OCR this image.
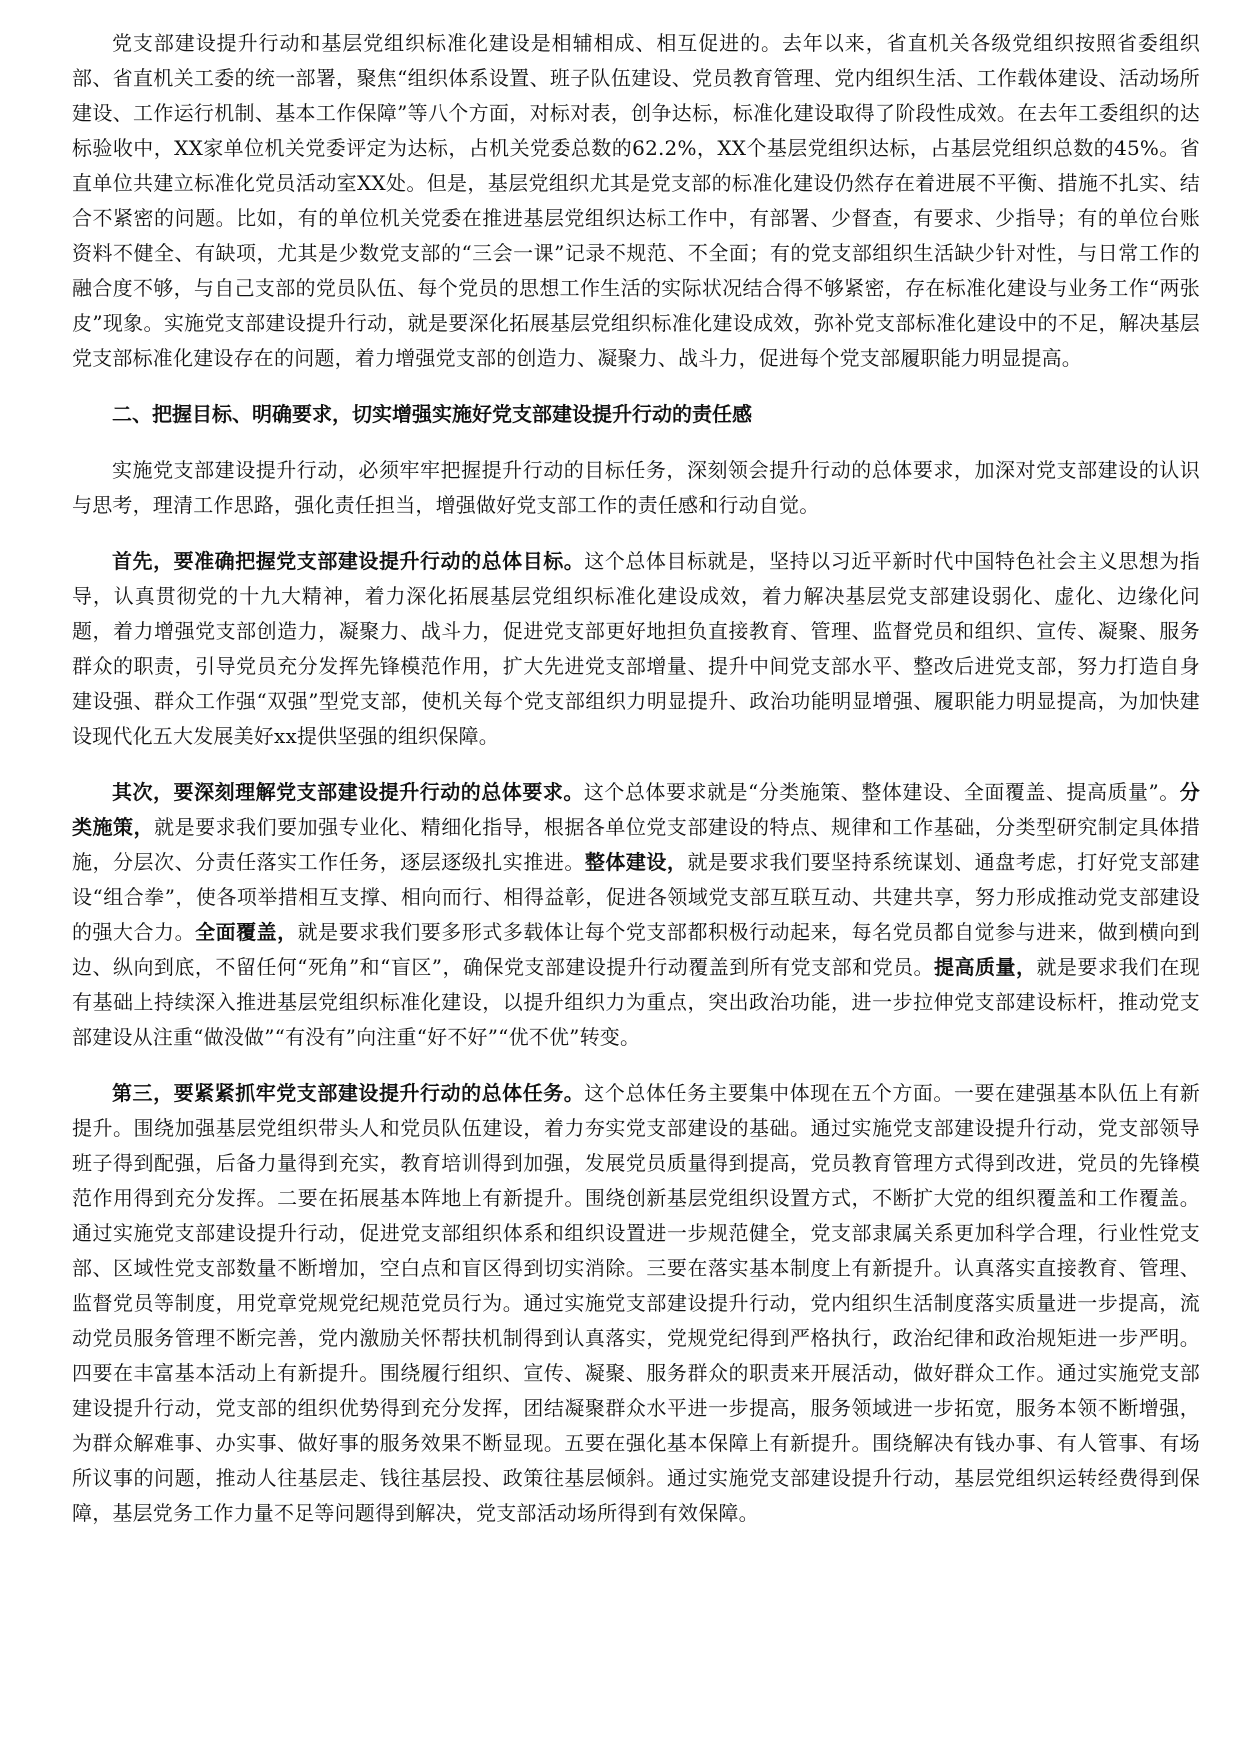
党支部建设提升行动和基层党组织标准化建设是相辅相成、相互促进的。去年以来，省直机关各级党组织按照省委组织部、省直机关工委的统一部署，聚焦“组织体系设置、班子队伍建设、党员教育管理、党内组织生活、工作载体建设、活动场所建设、工作运行机制、基本工作保障”等八个方面，对标对表，创争达标，标准化建设取得了阶段性成效。在去年工委组织的达标验收中，XX家单位机关党委评定为达标，占机关党委总数的62.2%，XX个基层党组织达标，占基层党组织总数的45%。省直单位共建立标准化党员活动室XX处。但是，基层党组织尤其是党支部的标准化建设仍然存在着进展不平衡、措施不扎实、结合不紧密的问题。比如，有的单位机关党委在推进基层党组织达标工作中，有部署、少督查，有要求、少指导；有的单位台账资料不健全、有缺项，尤其是少数党支部的“三会一课”记录不规范、不全面；有的党支部组织生活缺少针对性，与日常工作的融合度不够，与自己支部的党员队伍、每个党员的思想工作生活的实际状况结合得不够紧密，存在标准化建设与业务工作“两张皮”现象。实施党支部建设提升行动，就是要深化拓展基层党组织标准化建设成效，弥补党支部标准化建设中的不足，解决基层党支部标准化建设存在的问题，着力增强党支部的创造力、凝聚力、战斗力，促进每个党支部履职能力明显提高。

二、把握目标、明确要求，切实增强实施好党支部建设提升行动的责任感

实施党支部建设提升行动，必须牢牢把握提升行动的目标任务，深刻领会提升行动的总体要求，加深对党支部建设的认识与思考，理清工作思路，强化责任担当，增强做好党支部工作的责任感和行动自觉。

首先，要准确把握党支部建设提升行动的总体目标。这个总体目标就是，坚持以习近平新时代中国特色社会主义思想为指导，认真贯彻党的十九大精神，着力深化拓展基层党组织标准化建设成效，着力解决基层党支部建设弱化、虚化、边缘化问题，着力增强党支部创造力，凝聚力、战斗力，促进党支部更好地担负直接教育、管理、监督党员和组织、宣传、凝聚、服务群众的职责，引导党员充分发挥先锋模范作用，扩大先进党支部增量、提升中间党支部水平、整改后进党支部，努力打造自身建设强、群众工作强“双强”型党支部，使机关每个党支部组织力明显提升、政治功能明显增强、履职能力明显提高，为加快建设现代化五大发展美好xx提供坚强的组织保障。

其次，要深刻理解党支部建设提升行动的总体要求。这个总体要求就是“分类施策、整体建设、全面覆盖、提高质量”。分类施策，就是要求我们要加强专业化、精细化指导，根据各单位党支部建设的特点、规律和工作基础，分类型研究制定具体措施，分层次、分责任落实工作任务，逐层逐级扎实推进。整体建设，就是要求我们要坚持系统谋划、通盘考虑，打好党支部建设“组合拳”，使各项举措相互支撑、相向而行、相得益彰，促进各领域党支部互联互动、共建共享，努力形成推动党支部建设的强大合力。全面覆盖，就是要求我们要多形式多载体让每个党支部都积极行动起来，每名党员都自觉参与进来，做到横向到边、纵向到底，不留任何“死角”和“盲区”，确保党支部建设提升行动覆盖到所有党支部和党员。提高质量，就是要求我们在现有基础上持续深入推进基层党组织标准化建设，以提升组织力为重点，突出政治功能，进一步拉伸党支部建设标杆，推动党支部建设从注重“做没做”“有没有”向注重“好不好”“优不优”转变。

第三，要紧紧抓牢党支部建设提升行动的总体任务。这个总体任务主要集中体现在五个方面。一要在建强基本队伍上有新提升。围绕加强基层党组织带头人和党员队伍建设，着力夯实党支部建设的基础。通过实施党支部建设提升行动，党支部领导班子得到配强，后备力量得到充实，教育培训得到加强，发展党员质量得到提高，党员教育管理方式得到改进，党员的先锋模范作用得到充分发挥。二要在拓展基本阵地上有新提升。围绕创新基层党组织设置方式，不断扩大党的组织覆盖和工作覆盖。通过实施党支部建设提升行动，促进党支部组织体系和组织设置进一步规范健全，党支部隶属关系更加科学合理，行业性党支部、区域性党支部数量不断增加，空白点和盲区得到切实消除。三要在落实基本制度上有新提升。认真落实直接教育、管理、监督党员等制度，用党章党规党纪规范党员行为。通过实施党支部建设提升行动，党内组织生活制度落实质量进一步提高，流动党员服务管理不断完善，党内激励关怀帮扶机制得到认真落实，党规党纪得到严格执行，政治纪律和政治规矩进一步严明。四要在丰富基本活动上有新提升。围绕履行组织、宣传、凝聚、服务群众的职责来开展活动，做好群众工作。通过实施党支部建设提升行动，党支部的组织优势得到充分发挥，团结凝聚群众水平进一步提高，服务领域进一步拓宽，服务本领不断增强，为群众解难事、办实事、做好事的服务效果不断显现。五要在强化基本保障上有新提升。围绕解决有钱办事、有人管事、有场所议事的问题，推动人往基层走、钱往基层投、政策往基层倾斜。通过实施党支部建设提升行动，基层党组织运转经费得到保障，基层党务工作力量不足等问题得到解决，党支部活动场所得到有效保障。
